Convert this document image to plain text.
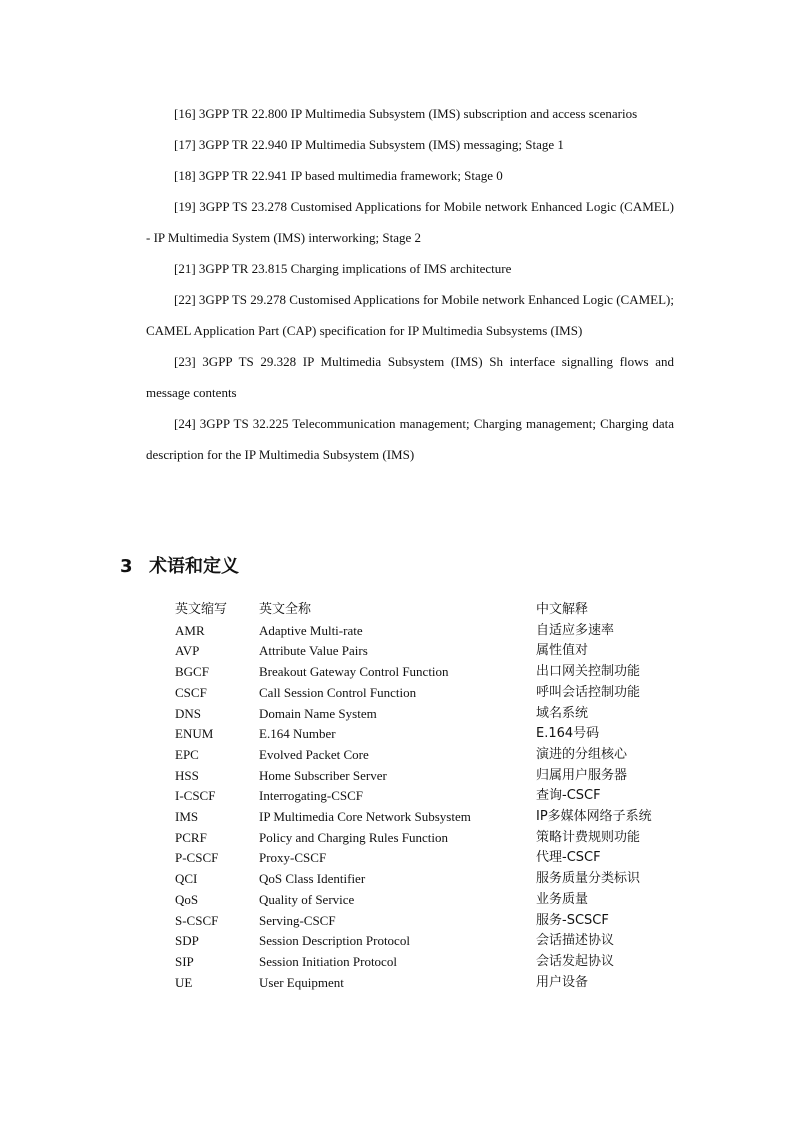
[16] 3GPP TR 22.800 IP Multimedia Subsystem (IMS) subscription and access scenarios

[17] 3GPP TR 22.940 IP Multimedia Subsystem (IMS) messaging; Stage 1

[18] 3GPP TR 22.941 IP based multimedia framework; Stage 0

[19] 3GPP TS 23.278 Customised Applications for Mobile network Enhanced Logic (CAMEL) - IP Multimedia System (IMS) interworking; Stage 2

[21] 3GPP TR 23.815 Charging implications of IMS architecture

[22] 3GPP TS 29.278 Customised Applications for Mobile network Enhanced Logic (CAMEL); CAMEL Application Part (CAP) specification for IP Multimedia Subsystems (IMS)

[23] 3GPP TS 29.328 IP Multimedia Subsystem (IMS) Sh interface signalling flows and message contents

[24] 3GPP TS 32.225 Telecommunication management; Charging management; Charging data description for the IP Multimedia Subsystem (IMS)

3 术语和定义
英文缩写	英文全称	中文解释
AMR	Adaptive Multi-rate	自适应多速率
AVP	Attribute Value Pairs	属性值对
BGCF	Breakout Gateway Control Function	出口网关控制功能
CSCF	Call Session Control Function	呼叫会话控制功能
DNS	Domain Name System	域名系统
ENUM	E.164 Number	E.164号码
EPC	Evolved Packet Core	演进的分组核心
HSS	Home Subscriber Server	归属用户服务器
I-CSCF	Interrogating-CSCF	查询-CSCF
IMS	IP Multimedia Core Network Subsystem	IP多媒体网络子系统
PCRF	Policy and Charging Rules Function	策略计费规则功能
P-CSCF	Proxy-CSCF	代理-CSCF
QCI	QoS Class Identifier	服务质量分类标识
QoS	Quality of Service	业务质量
S-CSCF	Serving-CSCF	服务-SCSCF
SDP	Session Description Protocol	会话描述协议
SIP	Session Initiation Protocol	会话发起协议
UE	User Equipment	用户设备
